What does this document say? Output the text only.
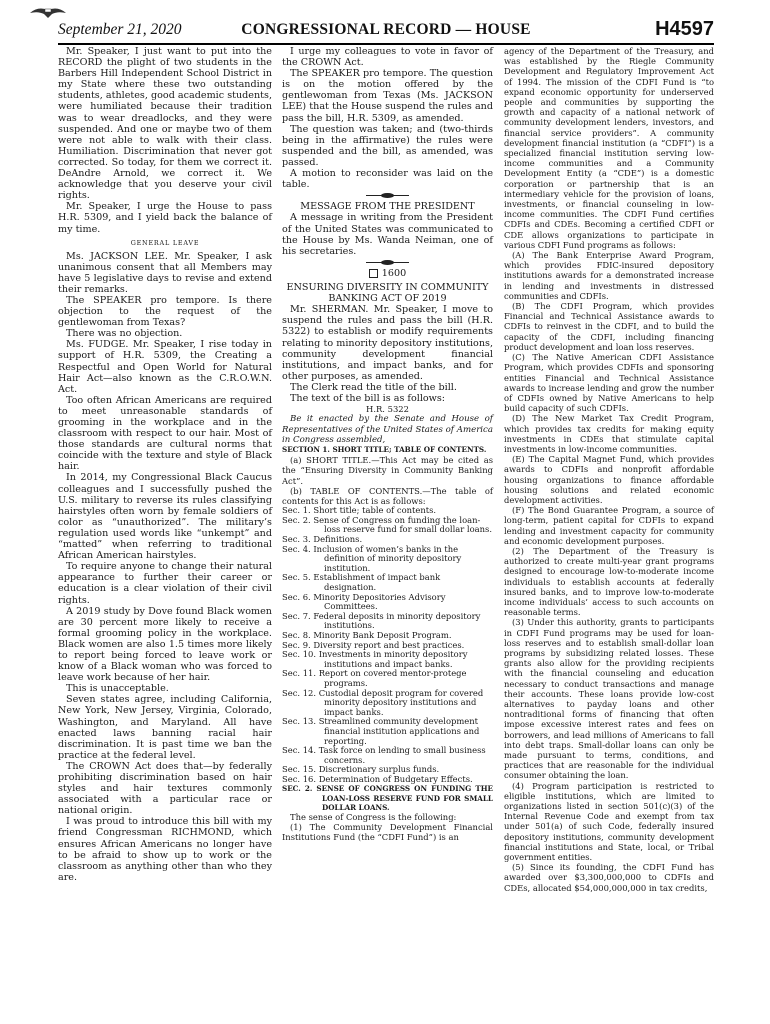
September 21, 2020	CONGRESSIONAL RECORD — HOUSE	H4597

Mr. Speaker, I just want to put into the RECORD the plight of two students in the Barbers Hill Independent School District in my State where these two outstanding students, athletes, good academic students, were humiliated because their tradition was to wear dreadlocks, and they were suspended. And one or maybe two of them were not able to walk with their class. Humiliation. Discrimination that never got corrected. So today, for them we correct it. DeAndre Arnold, we correct it. We acknowledge that you deserve your civil rights.

Mr. Speaker, I urge the House to pass H.R. 5309, and I yield back the balance of my time.

GENERAL LEAVE

Ms. JACKSON LEE. Mr. Speaker, I ask unanimous consent that all Members may have 5 legislative days to revise and extend their remarks.

The SPEAKER pro tempore. Is there objection to the request of the gentlewoman from Texas?

There was no objection.

Ms. FUDGE. Mr. Speaker, I rise today in support of H.R. 5309, the Creating a Respectful and Open World for Natural Hair Act—also known as the C.R.O.W.N. Act.

Too often African Americans are required to meet unreasonable standards of grooming in the workplace and in the classroom with respect to our hair. Most of those standards are cultural norms that coincide with the texture and style of Black hair.

In 2014, my Congressional Black Caucus colleagues and I successfully pushed the U.S. military to reverse its rules classifying hairstyles often worn by female soldiers of color as “unauthorized”. The military’s regulation used words like “unkempt” and “matted” when referring to traditional African American hairstyles.

To require anyone to change their natural appearance to further their career or education is a clear violation of their civil rights.

A 2019 study by Dove found Black women are 30 percent more likely to receive a formal grooming policy in the workplace. Black women are also 1.5 times more likely to report being forced to leave work or know of a Black woman who was forced to leave work because of her hair.

This is unacceptable.

Seven states agree, including California, New York, New Jersey, Virginia, Colorado, Washington, and Maryland. All have enacted laws banning racial hair discrimination. It is past time we ban the practice at the federal level.

The CROWN Act does that—by federally prohibiting discrimination based on hair styles and hair textures commonly associated with a particular race or national origin.

I was proud to introduce this bill with my friend Congressman RICHMOND, which ensures African Americans no longer have to be afraid to show up to work or the classroom as anything other than who they are.

I urge my colleagues to vote in favor of the CROWN Act.

The SPEAKER pro tempore. The question is on the motion offered by the gentlewoman from Texas (Ms. JACKSON LEE) that the House suspend the rules and pass the bill, H.R. 5309, as amended.

The question was taken; and (two-thirds being in the affirmative) the rules were suspended and the bill, as amended, was passed.

A motion to reconsider was laid on the table.

MESSAGE FROM THE PRESIDENT

A message in writing from the President of the United States was communicated to the House by Ms. Wanda Neiman, one of his secretaries.

1600

ENSURING DIVERSITY IN COMMUNITY BANKING ACT OF 2019

Mr. SHERMAN. Mr. Speaker, I move to suspend the rules and pass the bill (H.R. 5322) to establish or modify requirements relating to minority depository institutions, community development financial institutions, and impact banks, and for other purposes, as amended.

The Clerk read the title of the bill.

The text of the bill is as follows:

H.R. 5322

Be it enacted by the Senate and House of Representatives of the United States of America in Congress assembled,

SECTION 1. SHORT TITLE; TABLE OF CONTENTS.

(a) SHORT TITLE.—This Act may be cited as the “Ensuring Diversity in Community Banking Act”.

(b) TABLE OF CONTENTS.—The table of contents for this Act is as follows:

Sec. 1. Short title; table of contents.
Sec. 2. Sense of Congress on funding the loan-loss reserve fund for small dollar loans.
Sec. 3. Definitions.
Sec. 4. Inclusion of women’s banks in the definition of minority depository institution.
Sec. 5. Establishment of impact bank designation.
Sec. 6. Minority Depositories Advisory Committees.
Sec. 7. Federal deposits in minority depository institutions.
Sec. 8. Minority Bank Deposit Program.
Sec. 9. Diversity report and best practices.
Sec. 10. Investments in minority depository institutions and impact banks.
Sec. 11. Report on covered mentor-protege programs.
Sec. 12. Custodial deposit program for covered minority depository institutions and impact banks.
Sec. 13. Streamlined community development financial institution applications and reporting.
Sec. 14. Task force on lending to small business concerns.
Sec. 15. Discretionary surplus funds.
Sec. 16. Determination of Budgetary Effects.

SEC. 2. SENSE OF CONGRESS ON FUNDING THE LOAN-LOSS RESERVE FUND FOR SMALL DOLLAR LOANS.

The sense of Congress is the following:

(1) The Community Development Financial Institutions Fund (the “CDFI Fund”) is an

agency of the Department of the Treasury, and was established by the Riegle Community Development and Regulatory Improvement Act of 1994. The mission of the CDFI Fund is “to expand economic opportunity for underserved people and communities by supporting the growth and capacity of a national network of community development lenders, investors, and financial service providers”. A community development financial institution (a “CDFI”) is a specialized financial institution serving low-income communities and a Community Development Entity (a “CDE”) is a domestic corporation or partnership that is an intermediary vehicle for the provision of loans, investments, or financial counseling in low-income communities. The CDFI Fund certifies CDFIs and CDEs. Becoming a certified CDFI or CDE allows organizations to participate in various CDFI Fund programs as follows:

(A) The Bank Enterprise Award Program, which provides FDIC-insured depository institutions awards for a demonstrated increase in lending and investments in distressed communities and CDFIs.

(B) The CDFI Program, which provides Financial and Technical Assistance awards to CDFIs to reinvest in the CDFI, and to build the capacity of the CDFI, including financing product development and loan loss reserves.

(C) The Native American CDFI Assistance Program, which provides CDFIs and sponsoring entities Financial and Technical Assistance awards to increase lending and grow the number of CDFIs owned by Native Americans to help build capacity of such CDFIs.

(D) The New Market Tax Credit Program, which provides tax credits for making equity investments in CDEs that stimulate capital investments in low-income communities.

(E) The Capital Magnet Fund, which provides awards to CDFIs and nonprofit affordable housing organizations to finance affordable housing solutions and related economic development activities.

(F) The Bond Guarantee Program, a source of long-term, patient capital for CDFIs to expand lending and investment capacity for community and economic development purposes.

(2) The Department of the Treasury is authorized to create multi-year grant programs designed to encourage low-to-moderate income individuals to establish accounts at federally insured banks, and to improve low-to-moderate income individuals’ access to such accounts on reasonable terms.

(3) Under this authority, grants to participants in CDFI Fund programs may be used for loan-loss reserves and to establish small-dollar loan programs by subsidizing related losses. These grants also allow for the providing recipients with the financial counseling and education necessary to conduct transactions and manage their accounts. These loans provide low-cost alternatives to payday loans and other nontraditional forms of financing that often impose excessive interest rates and fees on borrowers, and lead millions of Americans to fall into debt traps. Small-dollar loans can only be made pursuant to terms, conditions, and practices that are reasonable for the individual consumer obtaining the loan.

(4) Program participation is restricted to eligible institutions, which are limited to organizations listed in section 501(c)(3) of the Internal Revenue Code and exempt from tax under 501(a) of such Code, federally insured depository institutions, community development financial institutions and State, local, or Tribal government entities.

(5) Since its founding, the CDFI Fund has awarded over $3,300,000,000 to CDFIs and CDEs, allocated $54,000,000,000 in tax credits,
